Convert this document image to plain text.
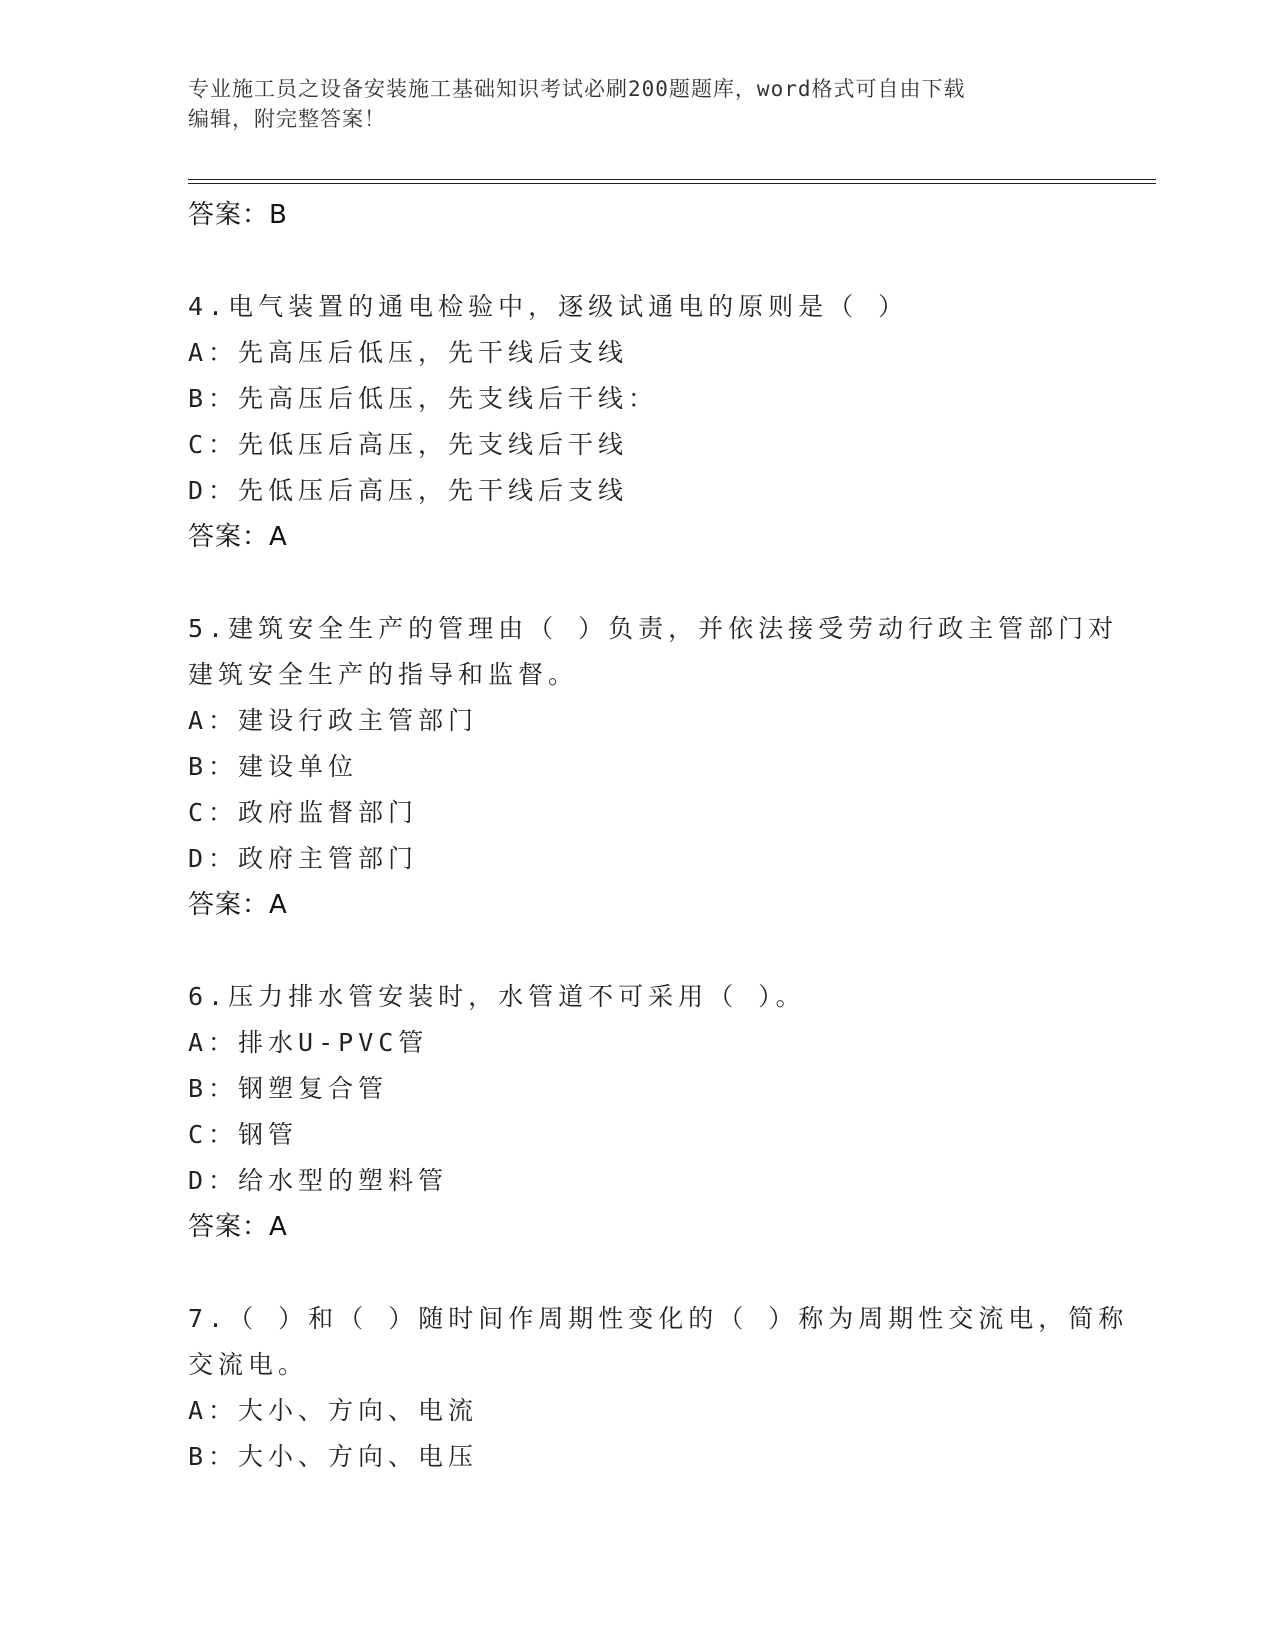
专业施工员之设备安装施工基础知识考试必刷200题题库，word格式可自由下载
编辑，附完整答案！
答案：B
4.电气装置的通电检验中，逐级试通电的原则是（ ）
A：先高压后低压，先干线后支线
B：先高压后低压，先支线后干线：
C：先低压后高压，先支线后干线
D：先低压后高压，先干线后支线
答案：A
5.建筑安全生产的管理由（ ）负责，并依法接受劳动行政主管部门对
建筑安全生产的指导和监督。
A：建设行政主管部门
B：建设单位
C：政府监督部门
D：政府主管部门
答案：A
6.压力排水管安装时，水管道不可采用（ ）。
A：排水U-PVC管
B：钢塑复合管
C：钢管
D：给水型的塑料管
答案：A
7.（ ）和（ ）随时间作周期性变化的（ ）称为周期性交流电，简称
交流电。
A：大小、方向、电流
B：大小、方向、电压
